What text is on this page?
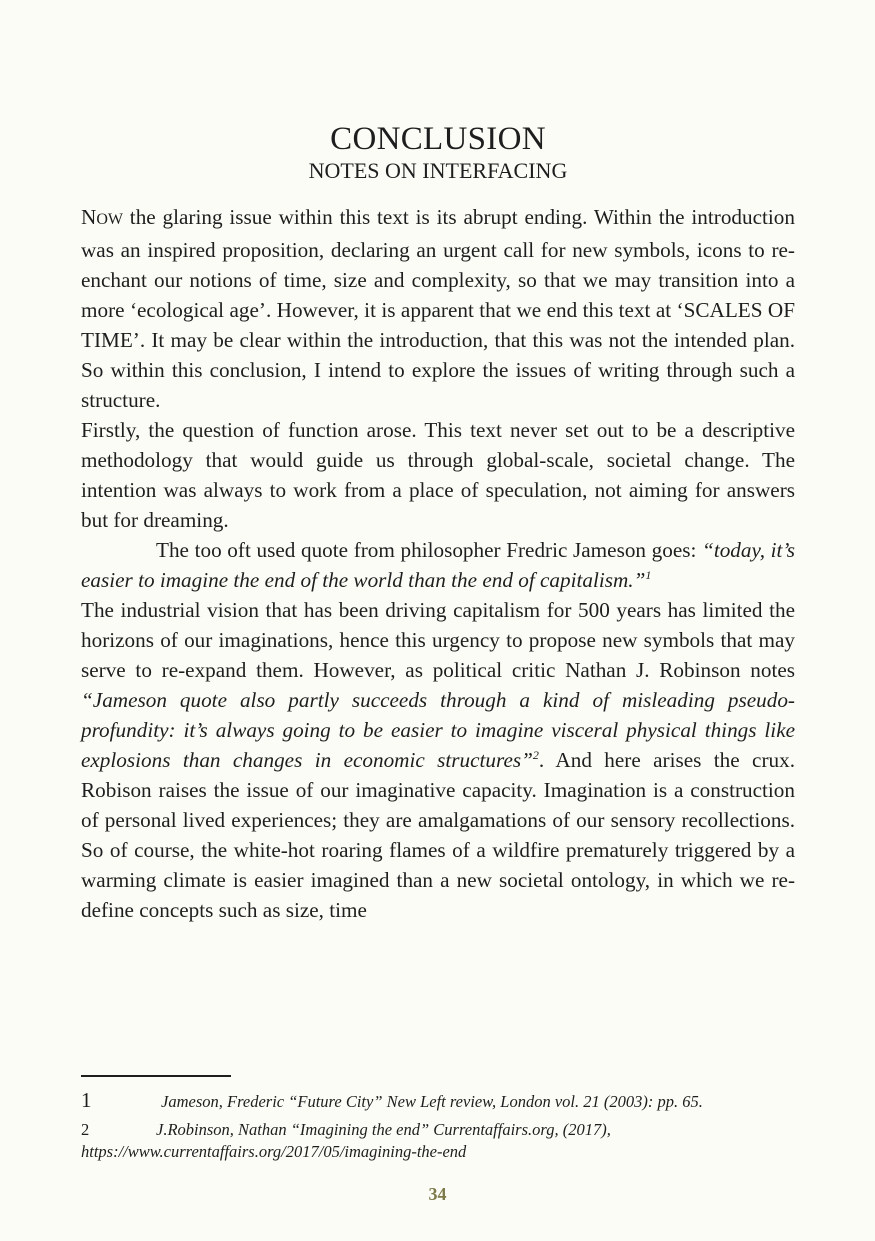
CONCLUSION
NOTES ON INTERFACING

NOW the glaring issue within this text is its abrupt ending. Within the introduction was an inspired proposition, declaring an urgent call for new symbols, icons to re-enchant our notions of time, size and complexity, so that we may transition into a more ‘ecological age’. However, it is apparent that we end this text at ‘SCALES OF TIME’. It may be clear within the introduction, that this was not the intended plan. So within this conclusion, I intend to explore the issues of writing through such a structure.

Firstly, the question of function arose. This text never set out to be a descriptive methodology that would guide us through global-scale, societal change. The intention was always to work from a place of speculation, not aiming for answers but for dreaming.

The too oft used quote from philosopher Fredric Jameson goes: “today, it’s easier to imagine the end of the world than the end of capitalism.”$^1$

The industrial vision that has been driving capitalism for 500 years has limited the horizons of our imaginations, hence this urgency to propose new symbols that may serve to re-expand them. However, as political critic Nathan J. Robinson notes “Jameson quote also partly succeeds through a kind of misleading pseudo-profundity: it’s always going to be easier to imagine visceral physical things like explosions than changes in economic structures”$^2$. And here arises the crux. Robison raises the issue of our imaginative capacity. Imagination is a construction of personal lived experiences; they are amalgamations of our sensory recollections. So of course, the white-hot roaring flames of a wildfire prematurely triggered by a warming climate is easier imagined than a new societal ontology, in which we re-define concepts such as size, time

1	Jameson, Frederic “Future City” New Left review, London vol. 21 (2003): pp. 65.
2	J.Robinson, Nathan “Imagining the end” Currentaffairs.org, (2017), https://www.currentaffairs.org/2017/05/imagining-the-end
34
